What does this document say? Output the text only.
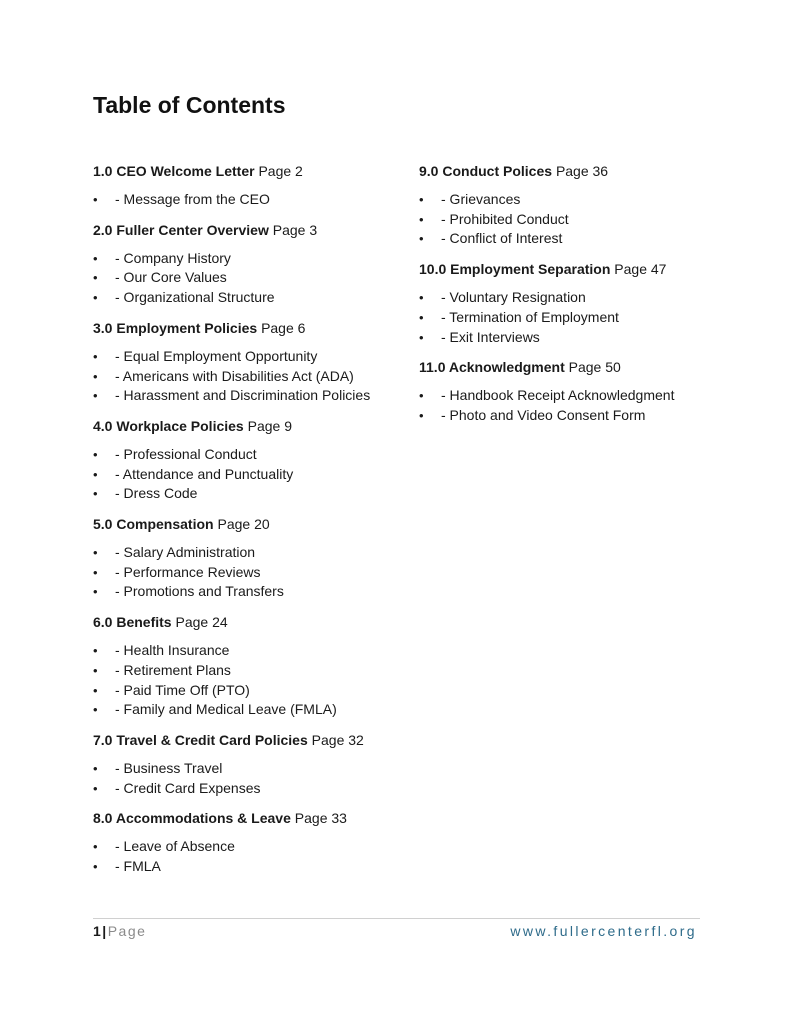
Table of Contents
1.0 CEO Welcome Letter Page 2
• - Message from the CEO
2.0 Fuller Center Overview Page 3
• - Company History
• - Our Core Values
• - Organizational Structure
3.0 Employment Policies Page 6
• - Equal Employment Opportunity
• - Americans with Disabilities Act (ADA)
• - Harassment and Discrimination Policies
4.0 Workplace Policies Page 9
• - Professional Conduct
• - Attendance and Punctuality
• - Dress Code
5.0 Compensation Page 20
• - Salary Administration
• - Performance Reviews
• - Promotions and Transfers
6.0 Benefits Page 24
• - Health Insurance
• - Retirement Plans
• - Paid Time Off (PTO)
• - Family and Medical Leave (FMLA)
7.0 Travel & Credit Card Policies Page 32
• - Business Travel
• - Credit Card Expenses
8.0 Accommodations & Leave Page 33
• - Leave of Absence
• - FMLA
9.0 Conduct Polices Page 36
• - Grievances
• - Prohibited Conduct
• - Conflict of Interest
10.0 Employment Separation Page 47
• - Voluntary Resignation
• - Termination of Employment
• - Exit Interviews
11.0 Acknowledgment Page 50
• - Handbook Receipt Acknowledgment
• - Photo and Video Consent Form
1|Page	www.fullercenterfl.org
